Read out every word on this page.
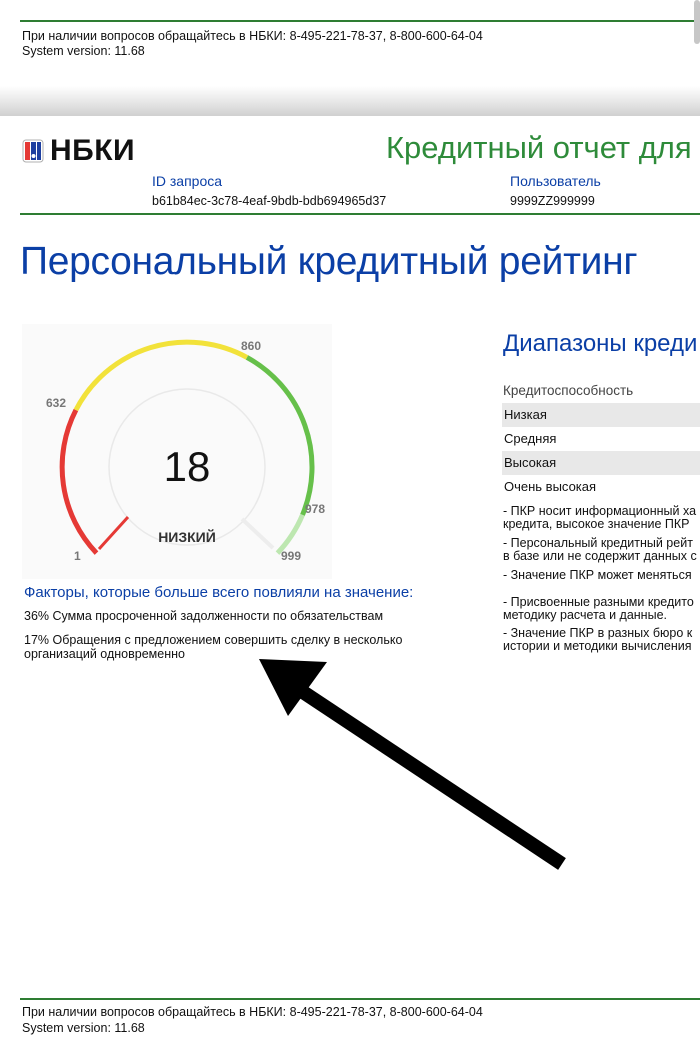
При наличии вопросов обращайтесь в НБКИ: 8-495-221-78-37, 8-800-600-64-04
System version: 11.68
НБКИ	Кредитный отчет для
ID запроса
b61b84ec-3c78-4eaf-9bdb-bdb694965d37
Пользователь
9999ZZ999999
Персональный кредитный рейтинг
632
860
978
1	999
18
НИЗКИЙ
Факторы, которые больше всего повлияли на значение:
36% Сумма просроченной задолженности по обязательствам
17% Обращения с предложением совершить сделку в несколько организаций одновременно
Диапазоны креди
Кредитоспособность
Низкая
Средняя
Высокая
Очень высокая
- ПКР носит информационный ха
кредита, высокое значение ПКР
- Персональный кредитный рейт
в базе или не содержит данных с
- Значение ПКР может меняться
- Присвоенные разными кредито
методику расчета и данные.
- Значение ПКР в разных бюро к
истории и методики вычисления
При наличии вопросов обращайтесь в НБКИ: 8-495-221-78-37, 8-800-600-64-04
System version: 11.68
